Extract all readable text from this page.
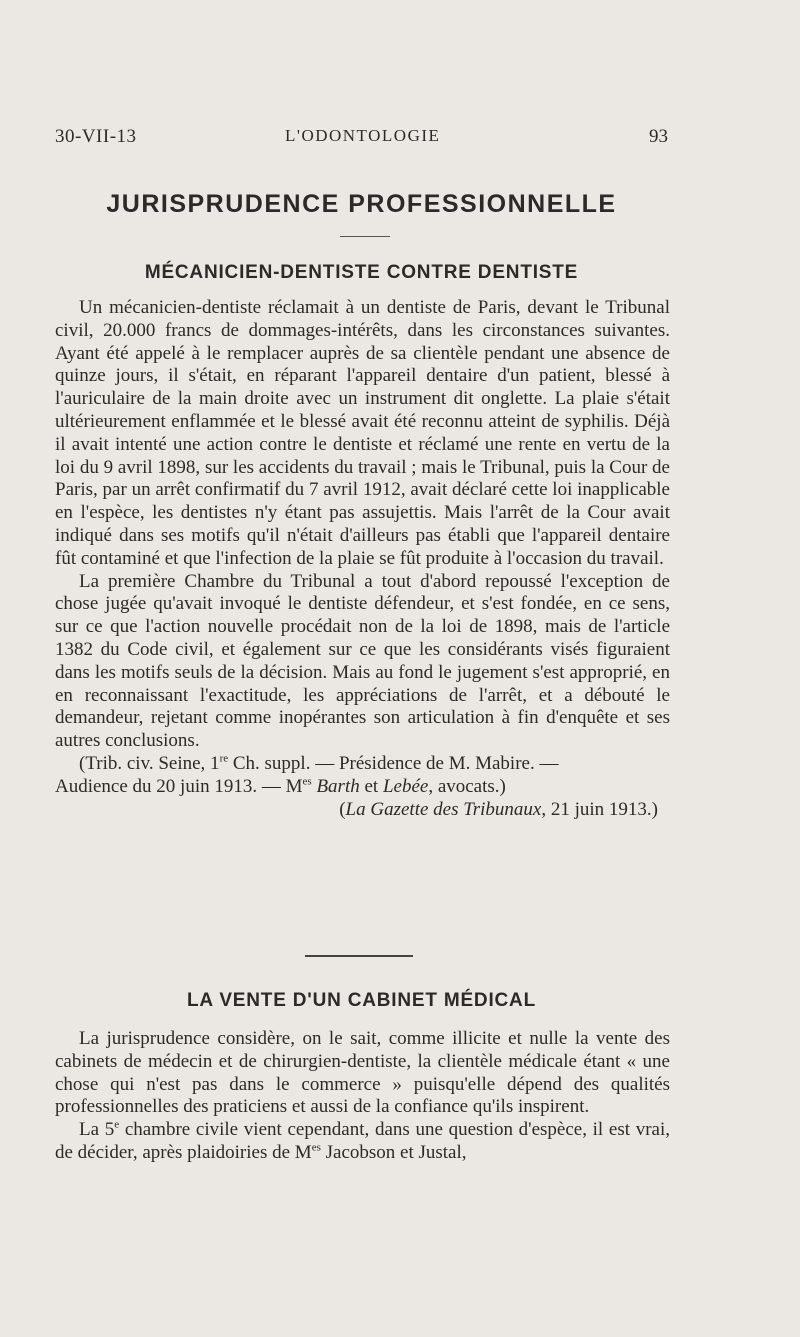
30-VII-13	L'ODONTOLOGIE	93
JURISPRUDENCE PROFESSIONNELLE
MÉCANICIEN-DENTISTE CONTRE DENTISTE

Un mécanicien-dentiste réclamait à un dentiste de Paris, devant le Tribunal civil, 20.000 francs de dommages-intérêts, dans les circonstances suivantes. Ayant été appelé à le remplacer auprès de sa clientèle pendant une absence de quinze jours, il s'était, en réparant l'appareil dentaire d'un patient, blessé à l'auriculaire de la main droite avec un instrument dit onglette. La plaie s'était ultérieurement enflammée et le blessé avait été reconnu atteint de syphilis. Déjà il avait intenté une action contre le dentiste et réclamé une rente en vertu de la loi du 9 avril 1898, sur les accidents du travail ; mais le Tribunal, puis la Cour de Paris, par un arrêt confirmatif du 7 avril 1912, avait déclaré cette loi inapplicable en l'espèce, les dentistes n'y étant pas assujettis. Mais l'arrêt de la Cour avait indiqué dans ses motifs qu'il n'était d'ailleurs pas établi que l'appareil dentaire fût contaminé et que l'infection de la plaie se fût produite à l'occasion du travail.

La première Chambre du Tribunal a tout d'abord repoussé l'exception de chose jugée qu'avait invoqué le dentiste défendeur, et s'est fondée, en ce sens, sur ce que l'action nouvelle procédait non de la loi de 1898, mais de l'article 1382 du Code civil, et également sur ce que les considérants visés figuraient dans les motifs seuls de la décision. Mais au fond le jugement s'est approprié, en en reconnaissant l'exactitude, les appréciations de l'arrêt, et a débouté le demandeur, rejetant comme inopérantes son articulation à fin d'enquête et ses autres conclusions.

(Trib. civ. Seine, 1re Ch. suppl. — Présidence de M. Mabire. —
Audience du 20 juin 1913. — $M^{es}$ Barth et Lebée, avocats.)
(La Gazette des Tribunaux, 21 juin 1913.)

LA VENTE D'UN CABINET MÉDICAL

La jurisprudence considère, on le sait, comme illicite et nulle la vente des cabinets de médecin et de chirurgien-dentiste, la clientèle médicale étant « une chose qui n'est pas dans le commerce » puisqu'elle dépend des qualités professionnelles des praticiens et aussi de la confiance qu'ils inspirent.

La 5e chambre civile vient cependant, dans une question d'espèce, il est vrai, de décider, après plaidoiries de $M^{es}$ Jacobson et Justal,
